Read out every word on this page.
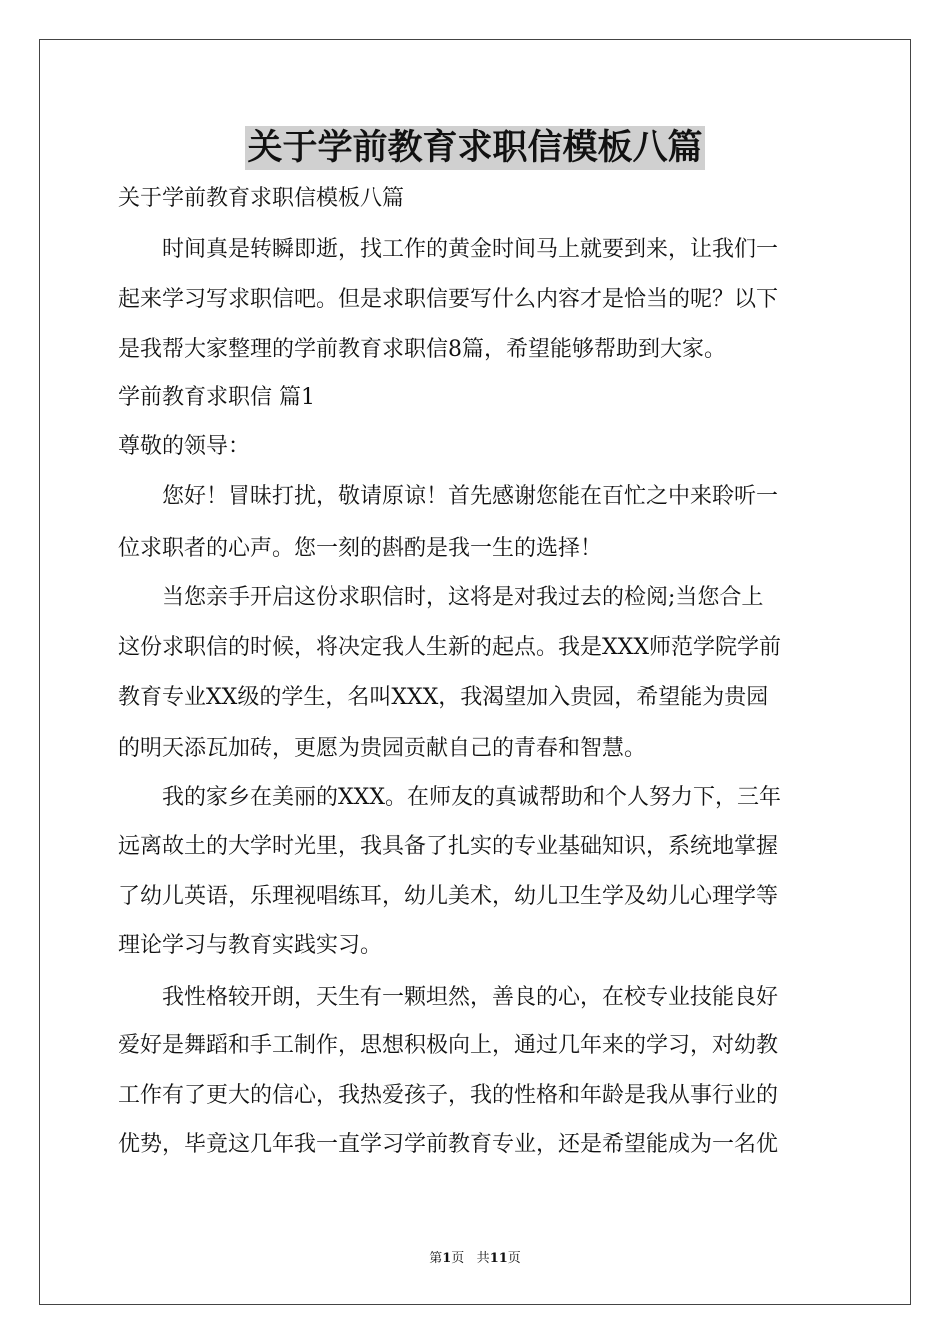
关于学前教育求职信模板八篇
关于学前教育求职信模板八篇
　　时间真是转瞬即逝，找工作的黄金时间马上就要到来，让我们一
起来学习写求职信吧。但是求职信要写什么内容才是恰当的呢？以下
是我帮大家整理的学前教育求职信8篇，希望能够帮助到大家。
学前教育求职信 篇1
尊敬的领导：
　　您好！冒昧打扰，敬请原谅！首先感谢您能在百忙之中来聆听一
位求职者的心声。您一刻的斟酌是我一生的选择！
　　当您亲手开启这份求职信时，这将是对我过去的检阅;当您合上
这份求职信的时候，将决定我人生新的起点。我是XXX师范学院学前
教育专业XX级的学生，名叫XXX，我渴望加入贵园，希望能为贵园
的明天添瓦加砖，更愿为贵园贡献自己的青春和智慧。
　　我的家乡在美丽的XXX。在师友的真诚帮助和个人努力下，三年
远离故土的大学时光里，我具备了扎实的专业基础知识，系统地掌握
了幼儿英语，乐理视唱练耳，幼儿美术，幼儿卫生学及幼儿心理学等
理论学习与教育实践实习。
　　我性格较开朗，天生有一颗坦然，善良的心，在校专业技能良好
爱好是舞蹈和手工制作，思想积极向上，通过几年来的学习，对幼教
工作有了更大的信心，我热爱孩子，我的性格和年龄是我从事行业的
优势，毕竟这几年我一直学习学前教育专业，还是希望能成为一名优
第1页 共11页
